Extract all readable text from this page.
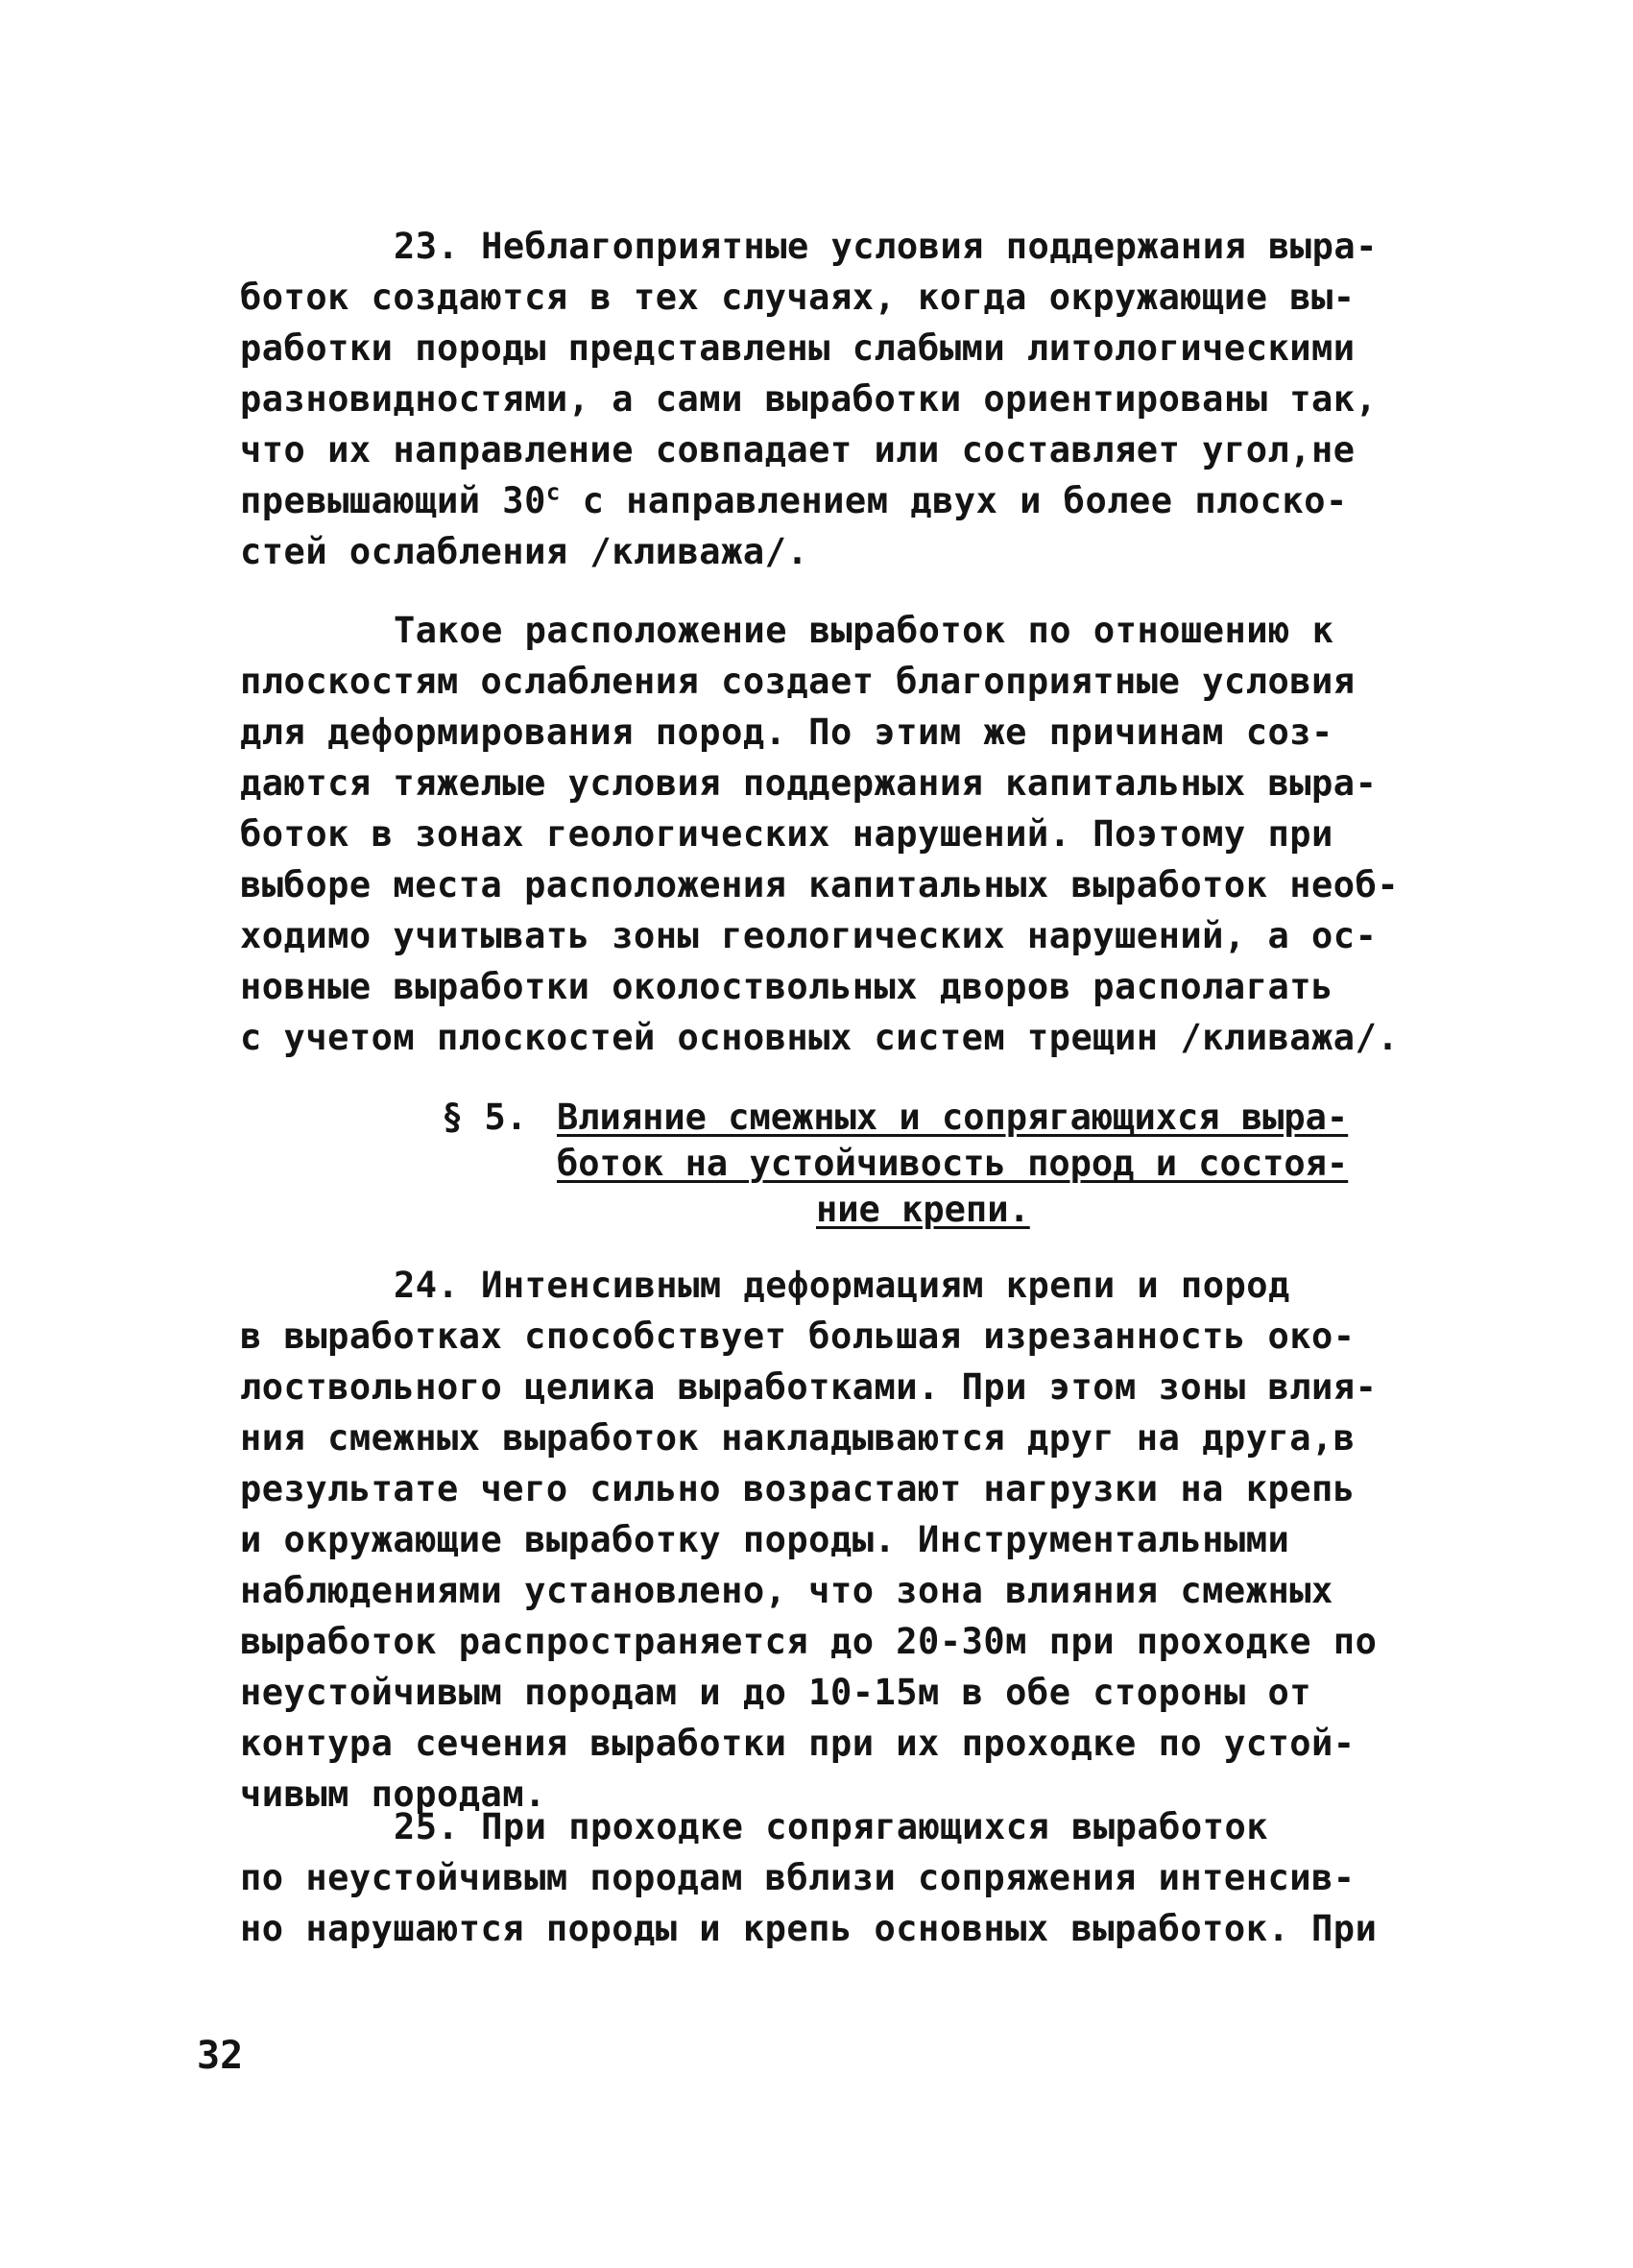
23. Неблагоприятные условия поддержания выра-
боток создаются в тех случаях, когда окружающие вы-
работки породы представлены слабыми литологическими
разновидностями, а сами выработки ориентированы так,
что их направление совпадает или составляет угол,не
превышающий $30^с$ с направлением двух и более плоско-
стей ослабления /кливажа/.
Такое расположение выработок по отношению к
плоскостям ослабления создает благоприятные условия
для деформирования пород. По этим же причинам соз-
даются тяжелые условия поддержания капитальных выра-
боток в зонах геологических нарушений. Поэтому при
выборе места расположения капитальных выработок необ-
ходимо учитывать зоны геологических нарушений, а ос-
новные выработки околоствольных дворов располагать
с учетом плоскостей основных систем трещин /кливажа/.
§ 5. Влияние смежных и сопрягающихся выра-
боток на устойчивость пород и состоя-
ние крепи.
24. Интенсивным деформациям крепи и пород
в выработках способствует большая изрезанность око-
лоствольного целика выработками. При этом зоны влия-
ния смежных выработок накладываются друг на друга,в
результате чего сильно возрастают нагрузки на крепь
и окружающие выработку породы. Инструментальными
наблюдениями установлено, что зона влияния смежных
выработок распространяется до 20-30м при проходке по
неустойчивым породам и до 10-15м в обе стороны от
контура сечения выработки при их проходке по устой-
чивым породам.
25. При проходке сопрягающихся выработок
по неустойчивым породам вблизи сопряжения интенсив-
но нарушаются породы и крепь основных выработок. При
32
